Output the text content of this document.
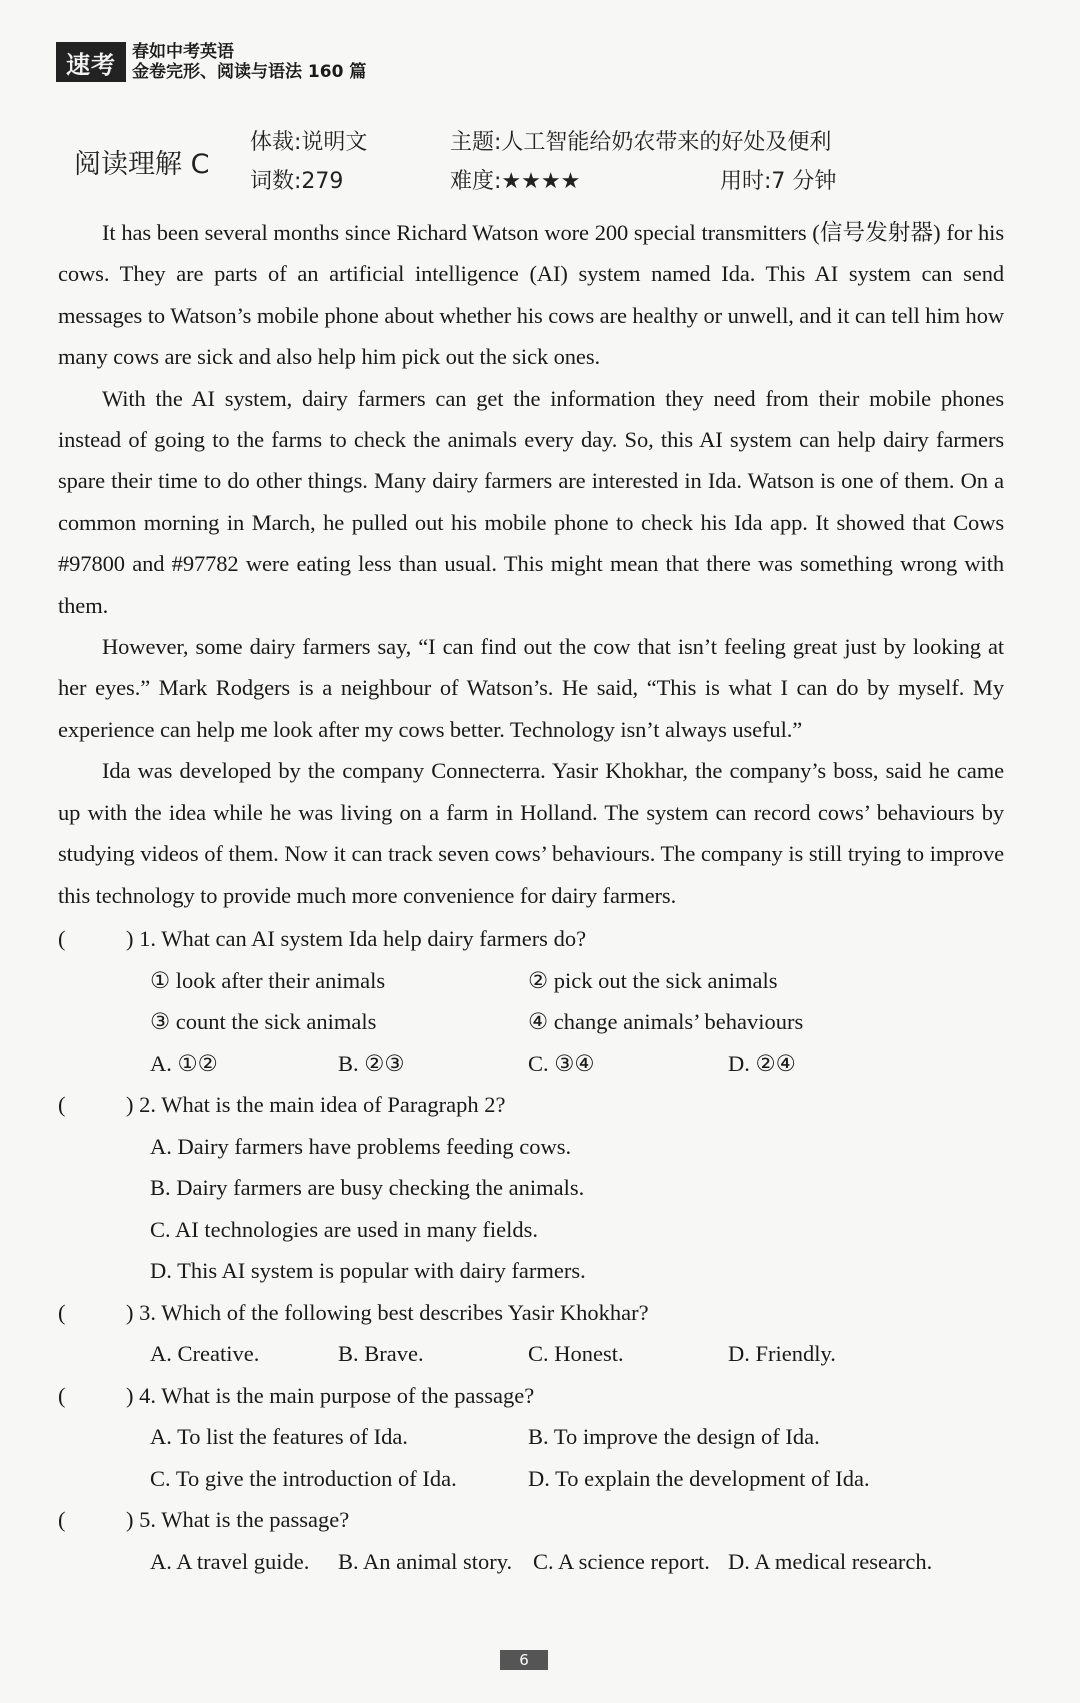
速考 春如中考英语
金卷完形、阅读与语法 160 篇
阅读理解 C
体裁:说明文	主题:人工智能给奶农带来的好处及便利
词数:279	难度:★★★★	用时:7 分钟

It has been several months since Richard Watson wore 200 special transmitters (信号发射器) for his cows. They are parts of an artificial intelligence (AI) system named Ida. This AI system can send messages to Watson’s mobile phone about whether his cows are healthy or unwell, and it can tell him how many cows are sick and also help him pick out the sick ones.

With the AI system, dairy farmers can get the information they need from their mobile phones instead of going to the farms to check the animals every day. So, this AI system can help dairy farmers spare their time to do other things. Many dairy farmers are interested in Ida. Watson is one of them. On a common morning in March, he pulled out his mobile phone to check his Ida app. It showed that Cows #97800 and #97782 were eating less than usual. This might mean that there was something wrong with them.

However, some dairy farmers say, “I can find out the cow that isn’t feeling great just by looking at her eyes.” Mark Rodgers is a neighbour of Watson’s. He said, “This is what I can do by myself. My experience can help me look after my cows better. Technology isn’t always useful.”

Ida was developed by the company Connecterra. Yasir Khokhar, the company’s boss, said he came up with the idea while he was living on a farm in Holland. The system can record cows’ behaviours by studying videos of them. Now it can track seven cows’ behaviours. The company is still trying to improve this technology to provide much more convenience for dairy farmers.

(	) 1. What can AI system Ida help dairy farmers do?
① look after their animals	② pick out the sick animals
③ count the sick animals	④ change animals’ behaviours
A. ①②	B. ②③	C. ③④	D. ②④
(	) 2. What is the main idea of Paragraph 2?
A. Dairy farmers have problems feeding cows.
B. Dairy farmers are busy checking the animals.
C. AI technologies are used in many fields.
D. This AI system is popular with dairy farmers.
(	) 3. Which of the following best describes Yasir Khokhar?
A. Creative.	B. Brave.	C. Honest.	D. Friendly.
(	) 4. What is the main purpose of the passage?
A. To list the features of Ida.	B. To improve the design of Ida.
C. To give the introduction of Ida.	D. To explain the development of Ida.
(	) 5. What is the passage?
A. A travel guide. B. An animal story. C. A science report. D. A medical research.
6
